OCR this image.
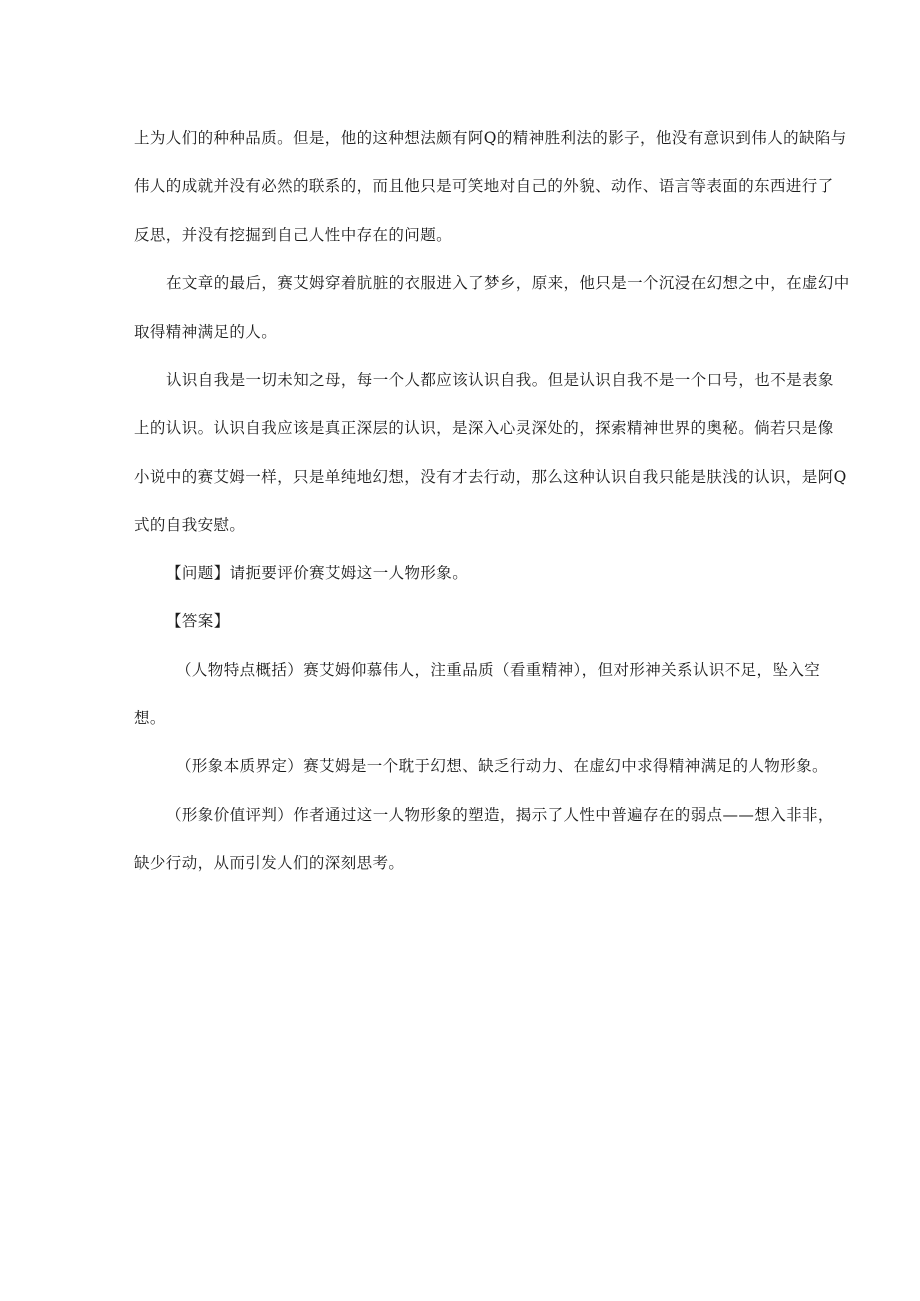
上为人们的种种品质。但是，他的这种想法颇有阿Q的精神胜利法的影子，他没有意识到伟人的缺陷与
伟人的成就并没有必然的联系的，而且他只是可笑地对自己的外貌、动作、语言等表面的东西进行了
反思，并没有挖掘到自己人性中存在的问题。
在文章的最后，赛艾姆穿着肮脏的衣服进入了梦乡，原来，他只是一个沉浸在幻想之中，在虚幻中
取得精神满足的人。
认识自我是一切未知之母，每一个人都应该认识自我。但是认识自我不是一个口号，也不是表象
上的认识。认识自我应该是真正深层的认识，是深入心灵深处的，探索精神世界的奥秘。倘若只是像
小说中的赛艾姆一样，只是单纯地幻想，没有才去行动，那么这种认识自我只能是肤浅的认识，是阿Q
式的自我安慰。
【问题】请扼要评价赛艾姆这一人物形象。
【答案】
（人物特点概括）赛艾姆仰慕伟人，注重品质（看重精神），但对形神关系认识不足，坠入空
想。
（形象本质界定）赛艾姆是一个耽于幻想、缺乏行动力、在虚幻中求得精神满足的人物形象。
（形象价值评判）作者通过这一人物形象的塑造，揭示了人性中普遍存在的弱点——想入非非，
缺少行动，从而引发人们的深刻思考。
